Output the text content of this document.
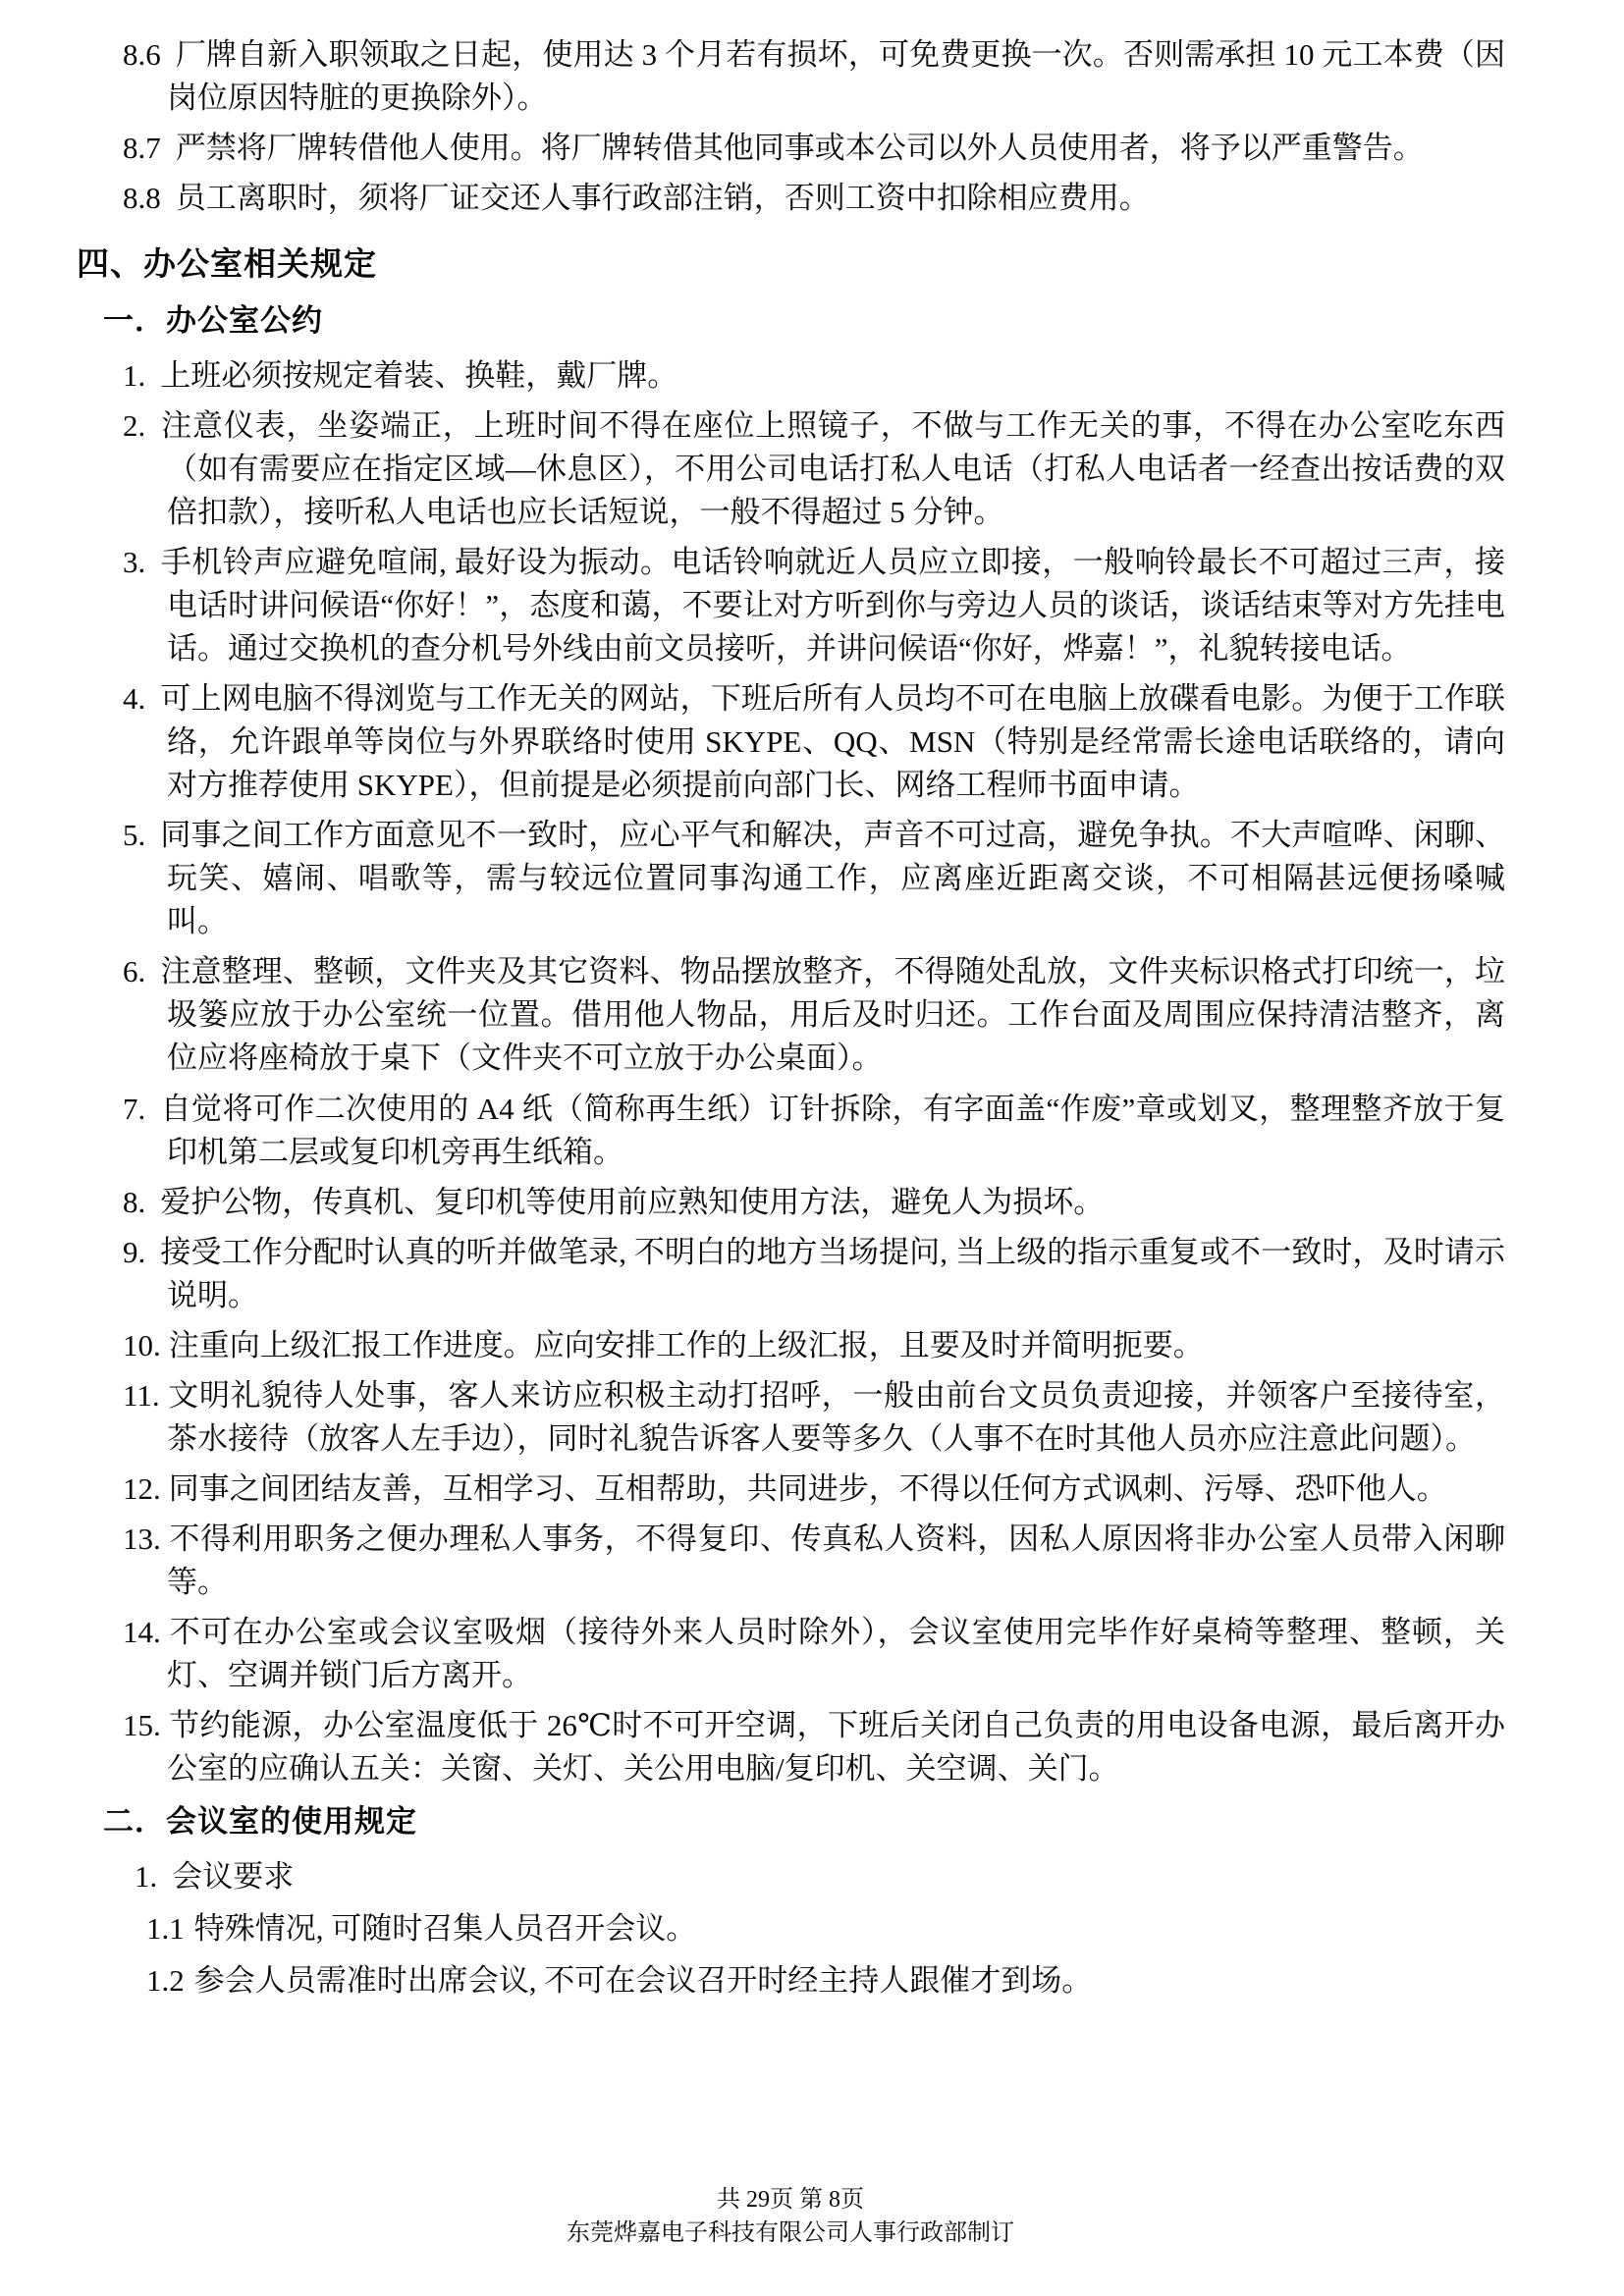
8.6 厂牌自新入职领取之日起，使用达 3 个月若有损坏，可免费更换一次。否则需承担 10 元工本费（因岗位原因特脏的更换除外）。

8.7 严禁将厂牌转借他人使用。将厂牌转借其他同事或本公司以外人员使用者，将予以严重警告。

8.8 员工离职时，须将厂证交还人事行政部注销，否则工资中扣除相应费用。

四、办公室相关规定
一．办公室公约

1. 上班必须按规定着装、换鞋，戴厂牌。

2. 注意仪表，坐姿端正，上班时间不得在座位上照镜子，不做与工作无关的事，不得在办公室吃东西（如有需要应在指定区域—休息区），不用公司电话打私人电话（打私人电话者一经查出按话费的双倍扣款），接听私人电话也应长话短说，一般不得超过 5 分钟。

3. 手机铃声应避免喧闹, 最好设为振动。电话铃响就近人员应立即接，一般响铃最长不可超过三声，接电话时讲问候语“你好！”，态度和蔼，不要让对方听到你与旁边人员的谈话，谈话结束等对方先挂电话。通过交换机的查分机号外线由前文员接听，并讲问候语“你好，烨嘉！”，礼貌转接电话。

4. 可上网电脑不得浏览与工作无关的网站，下班后所有人员均不可在电脑上放碟看电影。为便于工作联络，允许跟单等岗位与外界联络时使用 SKYPE、QQ、MSN（特别是经常需长途电话联络的，请向对方推荐使用 SKYPE），但前提是必须提前向部门长、网络工程师书面申请。

5. 同事之间工作方面意见不一致时，应心平气和解决，声音不可过高，避免争执。不大声喧哗、闲聊、玩笑、嬉闹、唱歌等，需与较远位置同事沟通工作，应离座近距离交谈，不可相隔甚远便扬嗓喊叫。

6. 注意整理、整顿，文件夹及其它资料、物品摆放整齐，不得随处乱放，文件夹标识格式打印统一，垃圾篓应放于办公室统一位置。借用他人物品，用后及时归还。工作台面及周围应保持清洁整齐，离位应将座椅放于桌下（文件夹不可立放于办公桌面）。

7. 自觉将可作二次使用的 A4 纸（简称再生纸）订针拆除，有字面盖“作废”章或划叉，整理整齐放于复印机第二层或复印机旁再生纸箱。

8. 爱护公物，传真机、复印机等使用前应熟知使用方法，避免人为损坏。

9. 接受工作分配时认真的听并做笔录, 不明白的地方当场提问, 当上级的指示重复或不一致时，及时请示说明。

10. 注重向上级汇报工作进度。应向安排工作的上级汇报，且要及时并简明扼要。

11. 文明礼貌待人处事，客人来访应积极主动打招呼，一般由前台文员负责迎接，并领客户至接待室，茶水接待（放客人左手边），同时礼貌告诉客人要等多久（人事不在时其他人员亦应注意此问题）。

12. 同事之间团结友善，互相学习、互相帮助，共同进步，不得以任何方式讽刺、污辱、恐吓他人。

13. 不得利用职务之便办理私人事务，不得复印、传真私人资料，因私人原因将非办公室人员带入闲聊等。

14. 不可在办公室或会议室吸烟（接待外来人员时除外），会议室使用完毕作好桌椅等整理、整顿，关灯、空调并锁门后方离开。

15. 节约能源，办公室温度低于 26℃时不可开空调，下班后关闭自己负责的用电设备电源，最后离开办公室的应确认五关：关窗、关灯、关公用电脑/复印机、关空调、关门。

二．会议室的使用规定

1. 会议要求

1.1 特殊情况, 可随时召集人员召开会议。

1.2 参会人员需准时出席会议, 不可在会议召开时经主持人跟催才到场。

共 29页 第 8页
东莞烨嘉电子科技有限公司人事行政部制订
